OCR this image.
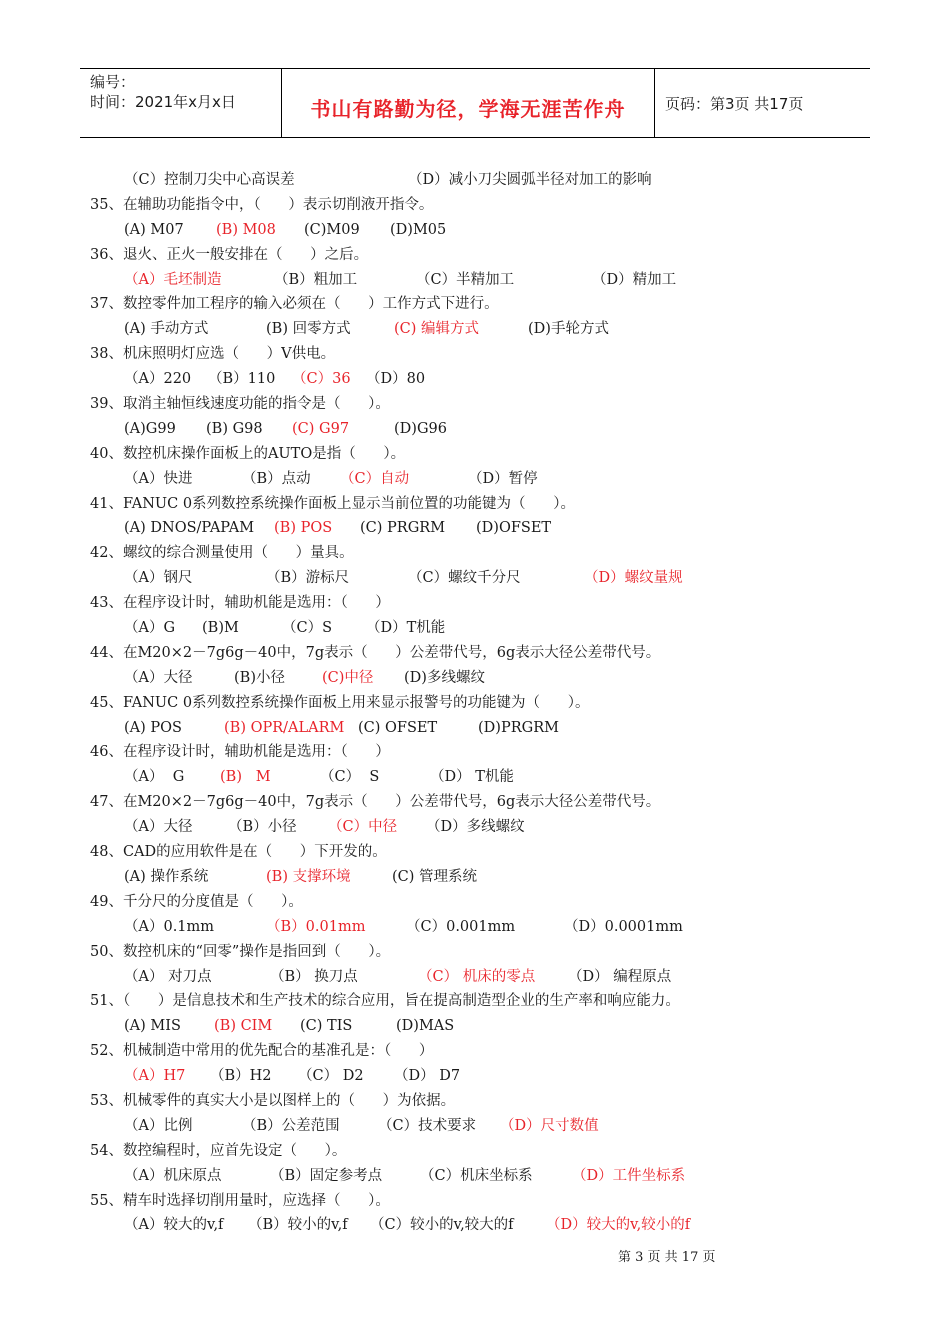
编号：
时间：2021年x月x日	书山有路勤为径，学海无涯苦作舟	页码：第3页 共17页
（C）控制刀尖中心高误差	（D）减小刀尖圆弧半径对加工的影响
35、在辅助功能指令中，（      ）表示切削液开指令。
(A) M07 (B) M08 (C)M09 (D)M05
36、退火、正火一般安排在（      ）之后。
（A）毛坯制造	（B）粗加工	（C）半精加工	（D）精加工
37、数控零件加工程序的输入必须在（      ）工作方式下进行。
(A) 手动方式	(B) 回零方式	(C) 编辑方式	(D)手轮方式
38、机床照明灯应选（      ）V供电。
（A）220 （B）110 （C）36 （D）80
39、取消主轴恒线速度功能的指令是（      ）。
(A)G99 (B) G98 (C) G97	(D)G96
40、数控机床操作面板上的AUTO是指（      ）。
（A）快进	（B）点动 （C）自动	（D）暂停
41、FANUC 0系列数控系统操作面板上显示当前位置的功能键为（      ）。
(A) DNOS/PAPAM (B) POS (C) PRGRM (D)OFSET
42、螺纹的综合测量使用（      ）量具。
（A）钢尺	（B）游标尺	（C）螺纹千分尺	（D）螺纹量规
43、在程序设计时，辅助机能是选用：（      ）
（A）G (B)M	（C）S （D）T机能
44、在M20×2－7g6g－40中，7g表示（      ）公差带代号，6g表示大径公差带代号。
（A）大径	(B)小径	(C)中径 (D)多线螺纹
45、FANUC 0系列数控系统操作面板上用来显示报警号的功能键为（      ）。
(A) POS	(B) OPR/ALARM (C) OFSET	(D)PRGRM
46、在程序设计时，辅助机能是选用：（      ）
（A）  G (B)   M	（C）  S	（D） T机能
47、在M20×2－7g6g－40中，7g表示（      ）公差带代号，6g表示大径公差带代号。
（A）大径 （B）小径 （C）中径 （D）多线螺纹
48、CAD的应用软件是在（      ）下开发的。
(A) 操作系统	(B) 支撑环境	(C) 管理系统
49、千分尺的分度值是（      ）。
（A）0.1mm	（B）0.01mm	（C）0.001mm	（D）0.0001mm
50、数控机床的“回零”操作是指回到（      ）。
（A） 对刀点	（B） 换刀点	（C） 机床的零点 （D） 编程原点
51、（      ）是信息技术和生产技术的综合应用，旨在提高制造型企业的生产率和响应能力。
(A) MIS (B) CIM (C) TIS	(D)MAS
52、机械制造中常用的优先配合的基准孔是：（      ）
（A）H7 （B）H2 （C） D2 （D） D7
53、机械零件的真实大小是以图样上的（      ）为依据。
（A）比例	（B）公差范围	（C）技术要求 （D）尺寸数值
54、数控编程时，应首先设定（      ）。
（A）机床原点	（B）固定参考点	（C）机床坐标系	（D）工件坐标系
55、精车时选择切削用量时，应选择（      ）。
（A）较大的v,f （B）较小的v,f （C）较小的v,较大的f （D）较大的v,较小的f
第 3 页 共 17 页
